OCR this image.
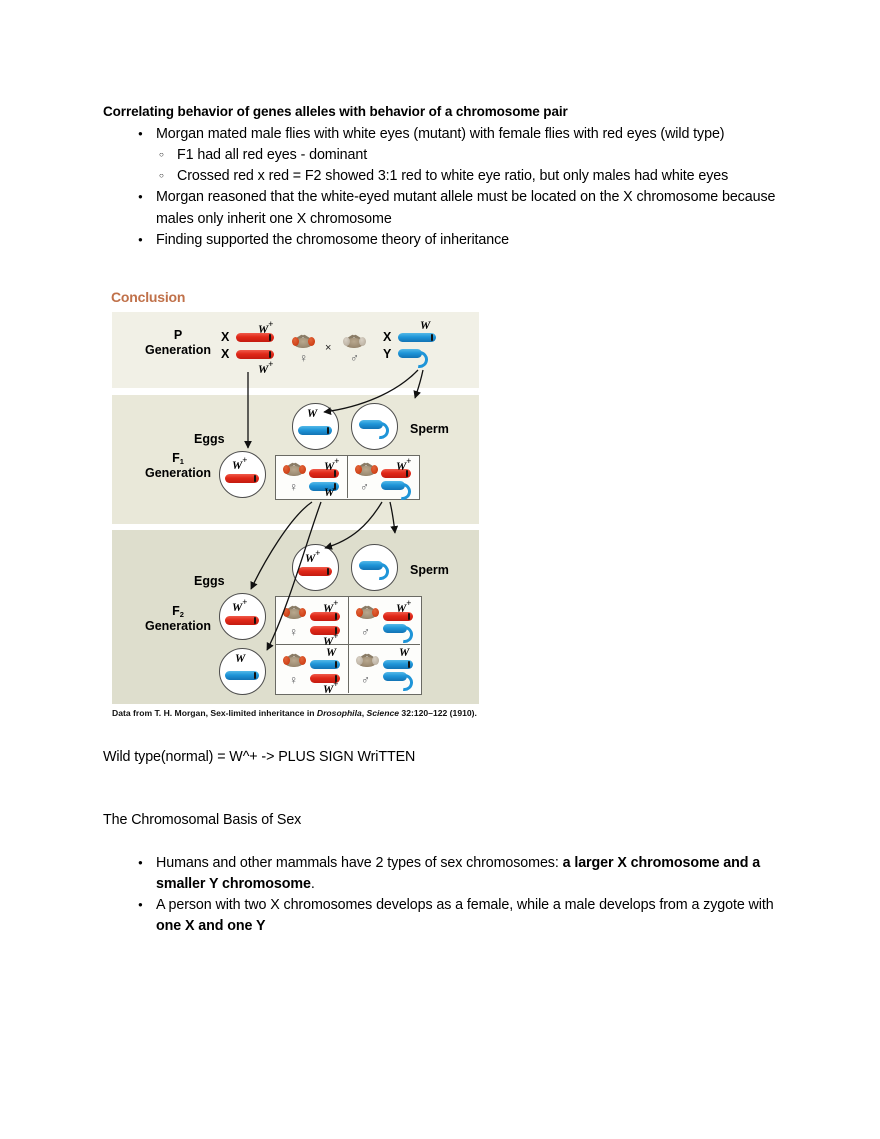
Correlating behavior of genes alleles with behavior of a chromosome pair
● Morgan mated male flies with white eyes (mutant) with female flies with red eyes (wild type)
○ F1 had all red eyes - dominant
○ Crossed red x red = F2 showed 3:1 red to white eye ratio, but only males had white eyes
● Morgan reasoned that the white-eyed mutant allele must be located on the X chromosome because males only inherit one X chromosome
● Finding supported the chromosome theory of inheritance
Conclusion
P
Generation
X
X
W+
W+ ♀
×
♂
X
Y
W
$F_1$
Generation
Eggs
Sperm
W
W+
♀
W+
W ♂
W+
$F_2$
Generation
Eggs
Sperm
W+
W+
W
♀
W+
W+ ♂
W+
♀
W
W+ ♂
W
Data from T. H. Morgan, Sex-limited inheritance in Drosophila, Science 32:120–122 (1910).
Wild type(normal) = W^+ -> PLUS SIGN WriTTEN
The Chromosomal Basis of Sex
● Humans and other mammals have 2 types of sex chromosomes: a larger X chromosome and a smaller Y chromosome.
● A person with two X chromosomes develops as a female, while a male develops from a zygote with one X and one Y
